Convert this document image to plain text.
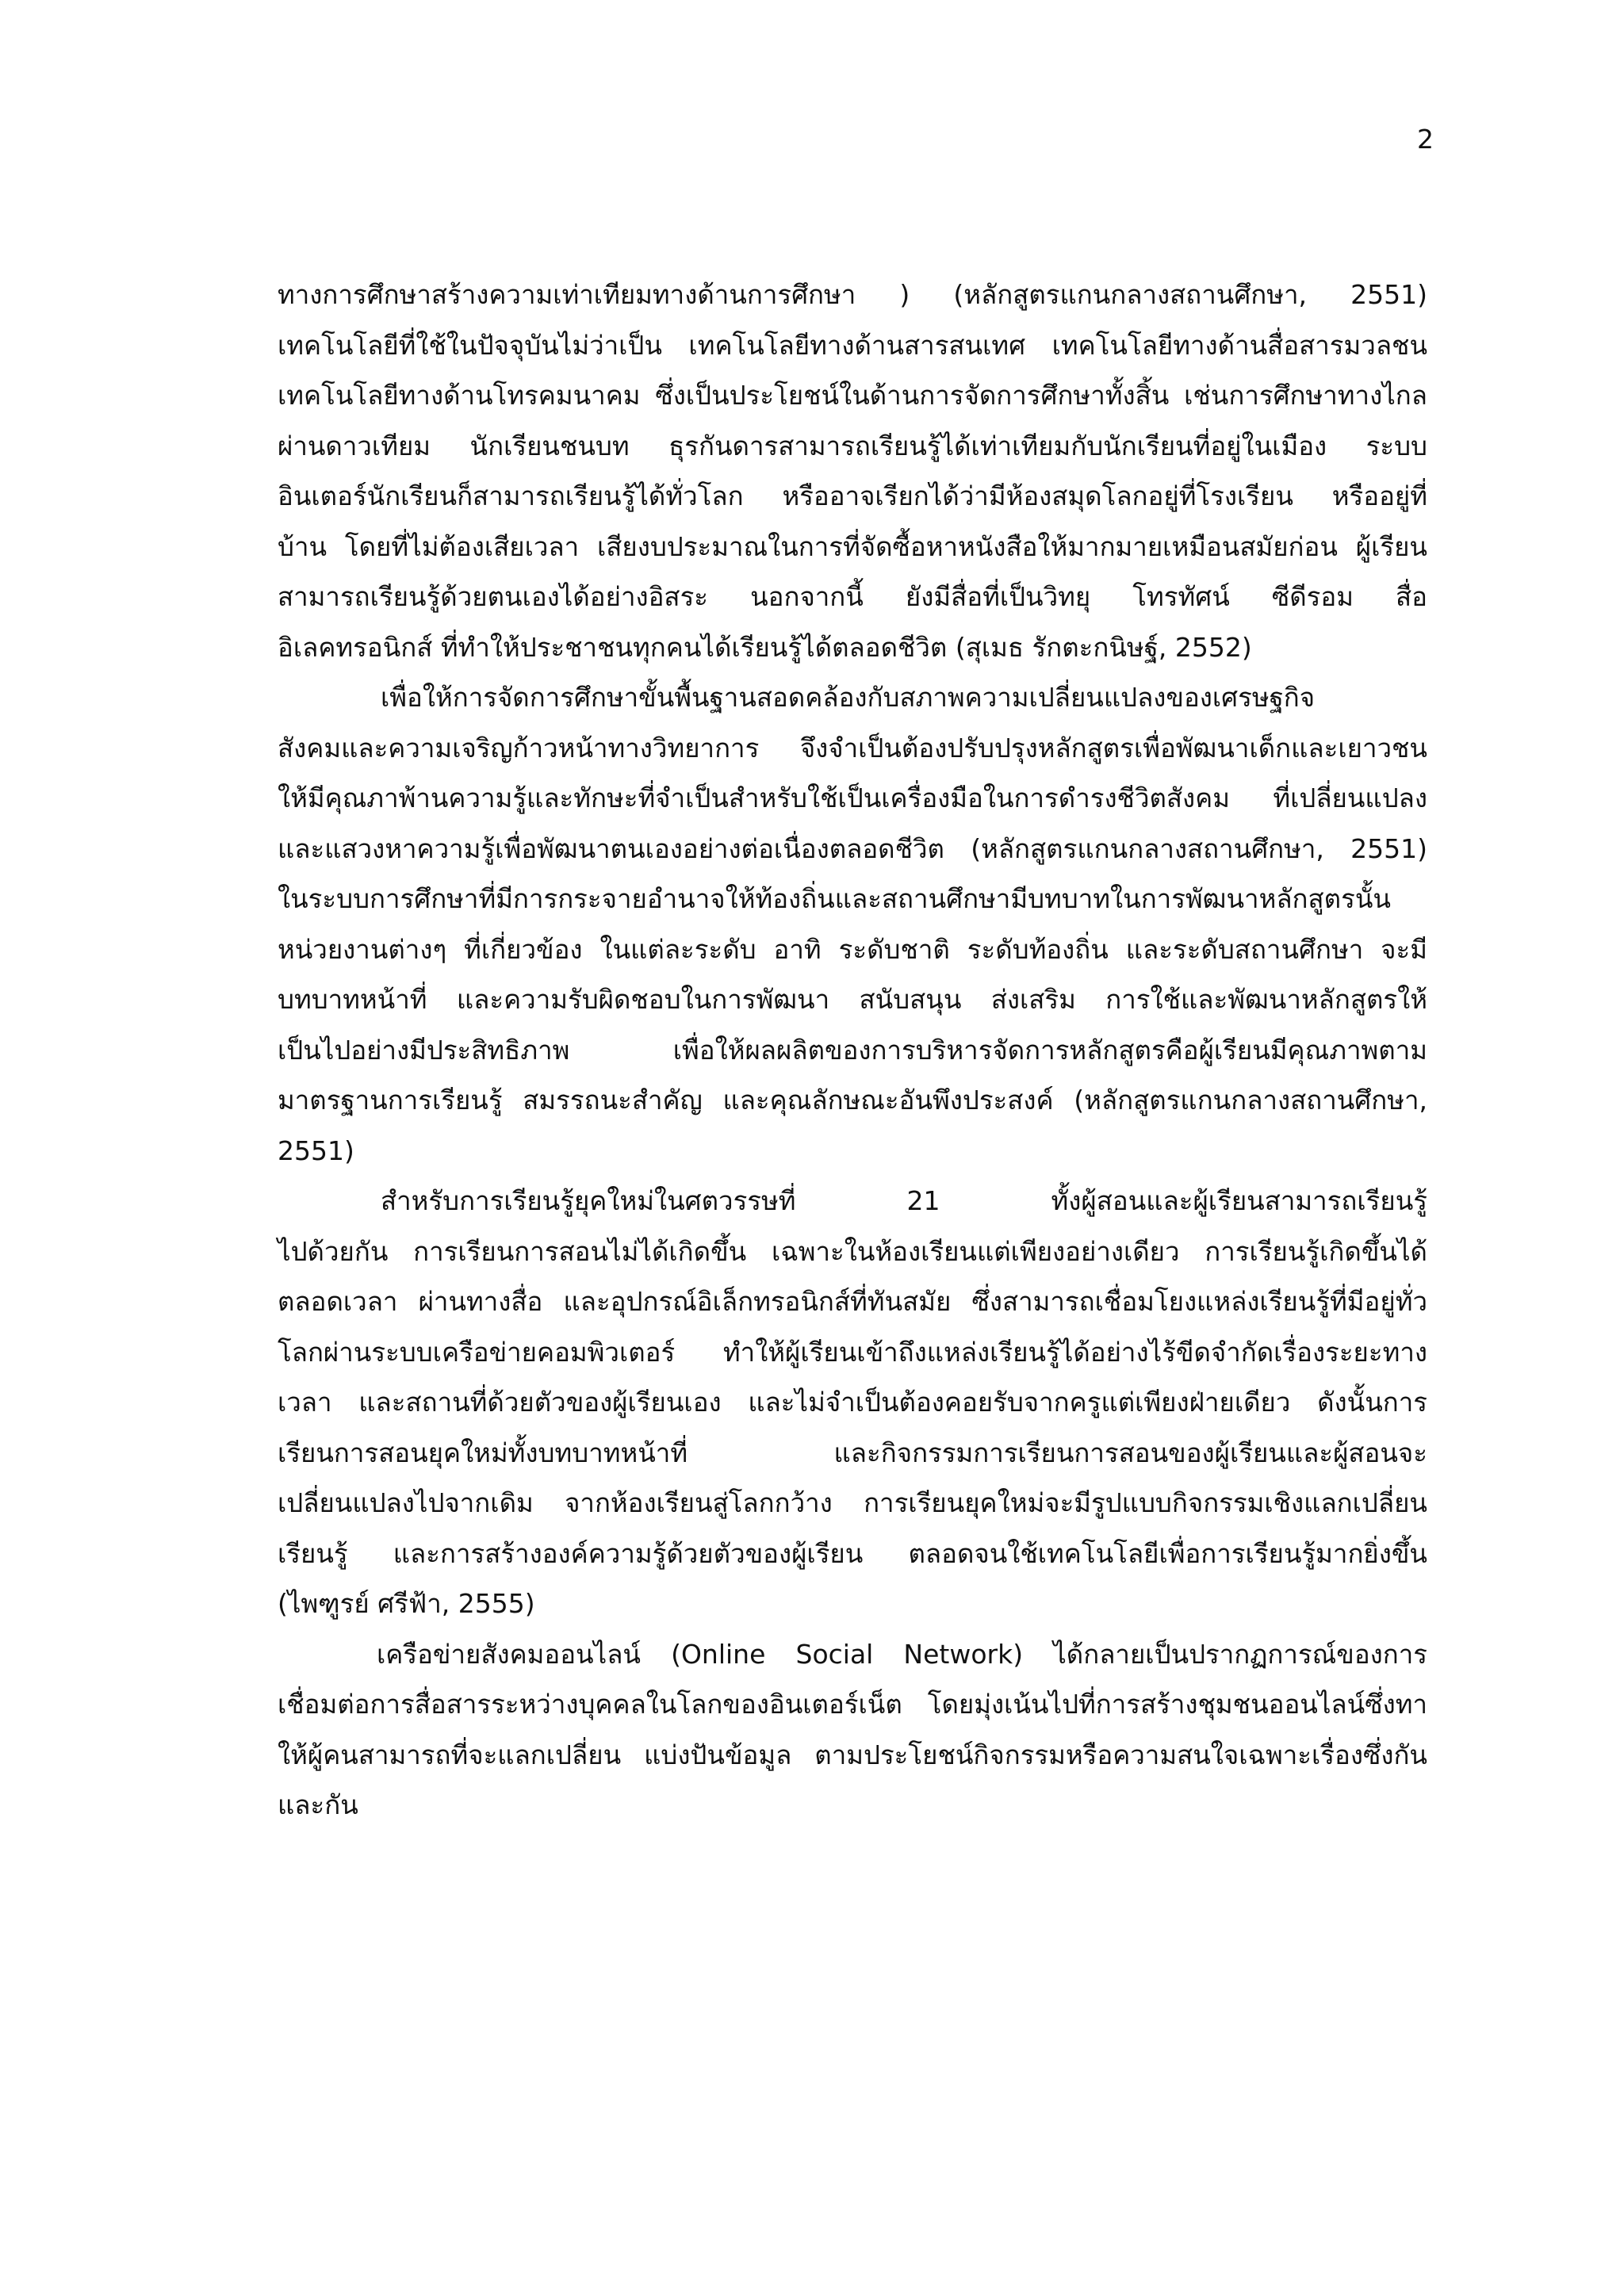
2
ทางการศึกษาสร้างความเท่าเทียมทางด้านการศึกษา ) (หลักสูตรแกนกลางสถานศึกษา, 2551)
เทคโนโลยีที่ใช้ในปัจจุบันไม่ว่าเป็น เทคโนโลยีทางด้านสารสนเทศ เทคโนโลยีทางด้านสื่อสารมวลชน
เทคโนโลยีทางด้านโทรคมนาคม ซึ่งเป็นประโยชน์ในด้านการจัดการศึกษาทั้งสิ้น เช่นการศึกษาทางไกล
ผ่านดาวเทียม นักเรียนชนบท ธุรกันดารสามารถเรียนรู้ได้เท่าเทียมกับนักเรียนที่อยู่ในเมือง ระบบ
อินเตอร์นักเรียนก็สามารถเรียนรู้ได้ทั่วโลก หรืออาจเรียกได้ว่ามีห้องสมุดโลกอยู่ที่โรงเรียน หรืออยู่ที่
บ้าน โดยที่ไม่ต้องเสียเวลา เสียงบประมาณในการที่จัดซื้อหาหนังสือให้มากมายเหมือนสมัยก่อน ผู้เรียน
สามารถเรียนรู้ด้วยตนเองได้อย่างอิสระ นอกจากนี้ ยังมีสื่อที่เป็นวิทยุ โทรทัศน์ ซีดีรอม สื่อ
อิเลคทรอนิกส์ ที่ทำให้ประชาชนทุกคนได้เรียนรู้ได้ตลอดชีวิต (สุเมธ รักตะกนิษฐ์, 2552)
เพื่อให้การจัดการศึกษาขั้นพื้นฐานสอดคล้องกับสภาพความเปลี่ยนแปลงของเศรษฐกิจ
สังคมและความเจริญก้าวหน้าทางวิทยาการ จึงจำเป็นต้องปรับปรุงหลักสูตรเพื่อพัฒนาเด็กและเยาวชน
ให้มีคุณภาพ้านความรู้และทักษะที่จำเป็นสำหรับใช้เป็นเครื่องมือในการดำรงชีวิตสังคม ที่เปลี่ยนแปลง
และแสวงหาความรู้เพื่อพัฒนาตนเองอย่างต่อเนื่องตลอดชีวิต (หลักสูตรแกนกลางสถานศึกษา, 2551)
ในระบบการศึกษาที่มีการกระจายอำนาจให้ท้องถิ่นและสถานศึกษามีบทบาทในการพัฒนาหลักสูตรนั้น
หน่วยงานต่างๆ ที่เกี่ยวข้อง ในแต่ละระดับ อาทิ ระดับชาติ ระดับท้องถิ่น และระดับสถานศึกษา จะมี
บทบาทหน้าที่ และความรับผิดชอบในการพัฒนา สนับสนุน ส่งเสริม การใช้และพัฒนาหลักสูตรให้
เป็นไปอย่างมีประสิทธิภาพ เพื่อให้ผลผลิตของการบริหารจัดการหลักสูตรคือผู้เรียนมีคุณภาพตาม
มาตรฐานการเรียนรู้ สมรรถนะสำคัญ และคุณลักษณะอันพึงประสงค์ (หลักสูตรแกนกลางสถานศึกษา,
2551)
สำหรับการเรียนรู้ยุคใหม่ในศตวรรษที่ 21 ทั้งผู้สอนและผู้เรียนสามารถเรียนรู้
ไปด้วยกัน การเรียนการสอนไม่ได้เกิดขึ้น เฉพาะในห้องเรียนแต่เพียงอย่างเดียว การเรียนรู้เกิดขึ้นได้
ตลอดเวลา ผ่านทางสื่อ และอุปกรณ์อิเล็กทรอนิกส์ที่ทันสมัย ซึ่งสามารถเชื่อมโยงแหล่งเรียนรู้ที่มีอยู่ทั่ว
โลกผ่านระบบเครือข่ายคอมพิวเตอร์ ทำให้ผู้เรียนเข้าถึงแหล่งเรียนรู้ได้อย่างไร้ขีดจำกัดเรื่องระยะทาง
เวลา และสถานที่ด้วยตัวของผู้เรียนเอง และไม่จำเป็นต้องคอยรับจากครูแต่เพียงฝ่ายเดียว ดังนั้นการ
เรียนการสอนยุคใหม่ทั้งบทบาทหน้าที่ และกิจกรรมการเรียนการสอนของผู้เรียนและผู้สอนจะ
เปลี่ยนแปลงไปจากเดิม จากห้องเรียนสู่โลกกว้าง การเรียนยุคใหม่จะมีรูปแบบกิจกรรมเชิงแลกเปลี่ยน
เรียนรู้ และการสร้างองค์ความรู้ด้วยตัวของผู้เรียน ตลอดจนใช้เทคโนโลยีเพื่อการเรียนรู้มากยิ่งขึ้น
(ไพฑูรย์ ศรีฟ้า, 2555)
เครือข่ายสังคมออนไลน์ (Online Social Network) ได้กลายเป็นปรากฏการณ์ของการ
เชื่อมต่อการสื่อสารระหว่างบุคคลในโลกของอินเตอร์เน็ต โดยมุ่งเน้นไปที่การสร้างชุมชนออนไลน์ซึ่งทา
ให้ผู้คนสามารถที่จะแลกเปลี่ยน แบ่งปันข้อมูล ตามประโยชน์กิจกรรมหรือความสนใจเฉพาะเรื่องซึ่งกัน
และกัน
